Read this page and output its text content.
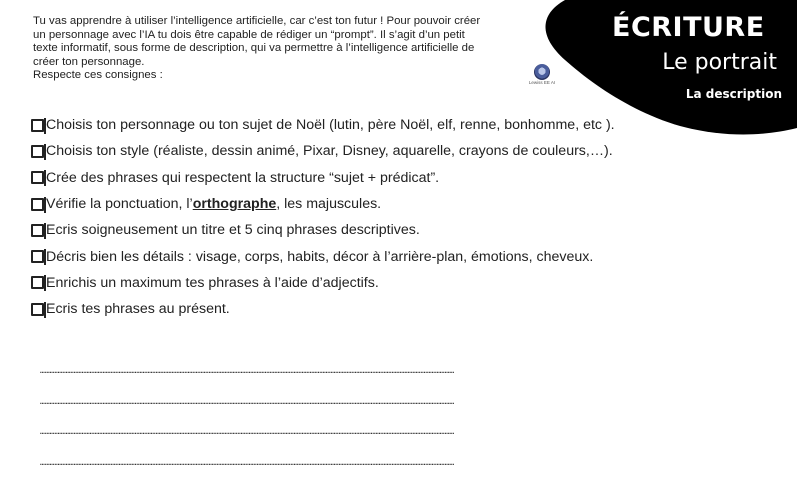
Tu vas apprendre à utiliser l’intelligence artificielle, car c’est ton futur ! Pour pouvoir créer

un personnage avec l’IA tu dois être capable de rédiger un “prompt”. Il s’agit d’un petit

texte informatif, sous forme de description, qui va permettre à l’intelligence artificielle de

créer ton personnage.

Respecte ces consignes :

Lewiss EE AI
ÉCRITURE
Le portrait
La description
Choisis ton personnage ou ton sujet de Noël (lutin, père Noël, elf, renne, bonhomme, etc ).
Choisis ton style (réaliste, dessin animé, Pixar, Disney, aquarelle, crayons de couleurs,…).
Crée des phrases qui respectent la structure “sujet + prédicat”.
Vérifie la ponctuation, l’ orthographe , les majuscules.
Ecris soigneusement un titre et 5 cinq phrases descriptives.
Décris bien les détails : visage, corps, habits, décor à l’arrière-plan, émotions, cheveux.
Enrichis un maximum tes phrases à l’aide d’adjectifs.
Ecris tes phrases au présent.
……………………………………………………………………………………………………………………………………………………………………………………………………………………………………
……………………………………………………………………………………………………………………………………………………………………………………………………………………………………
……………………………………………………………………………………………………………………………………………………………………………………………………………………………………
……………………………………………………………………………………………………………………………………………………………………………………………………………………………………
